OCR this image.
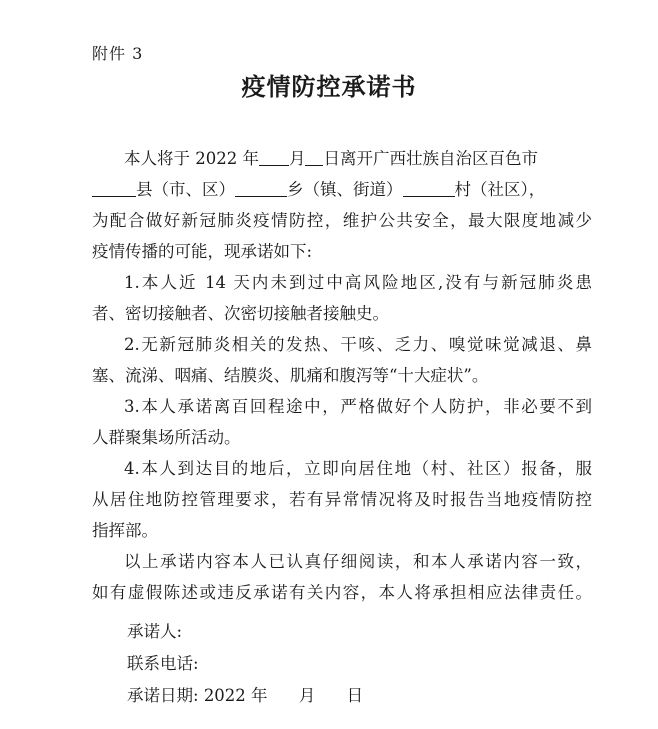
附件 3
疫情防控承诺书
本人将于 2022 年 月 日离开广西壮族自治区百色市
县（市、区）	乡（镇、街道）	村（社区），
为配合做好新冠肺炎疫情防控，维护公共安全，最大限度地减少
疫情传播的可能，现承诺如下:
1.本人近 14 天内未到过中高风险地区,没有与新冠肺炎患
者、密切接触者、次密切接触者接触史。
2.无新冠肺炎相关的发热、干咳、乏力、嗅觉味觉减退、鼻
塞、流涕、咽痛、结膜炎、肌痛和腹泻等“十大症状”。
3.本人承诺离百回程途中，严格做好个人防护，非必要不到
人群聚集场所活动。
4.本人到达目的地后，立即向居住地（村、社区）报备，服
从居住地防控管理要求，若有异常情况将及时报告当地疫情防控
指挥部。
以上承诺内容本人已认真仔细阅读，和本人承诺内容一致，
如有虚假陈述或违反承诺有关内容，本人将承担相应法律责任。
承诺人:
联系电话:
承诺日期: 2022 年 月 日
